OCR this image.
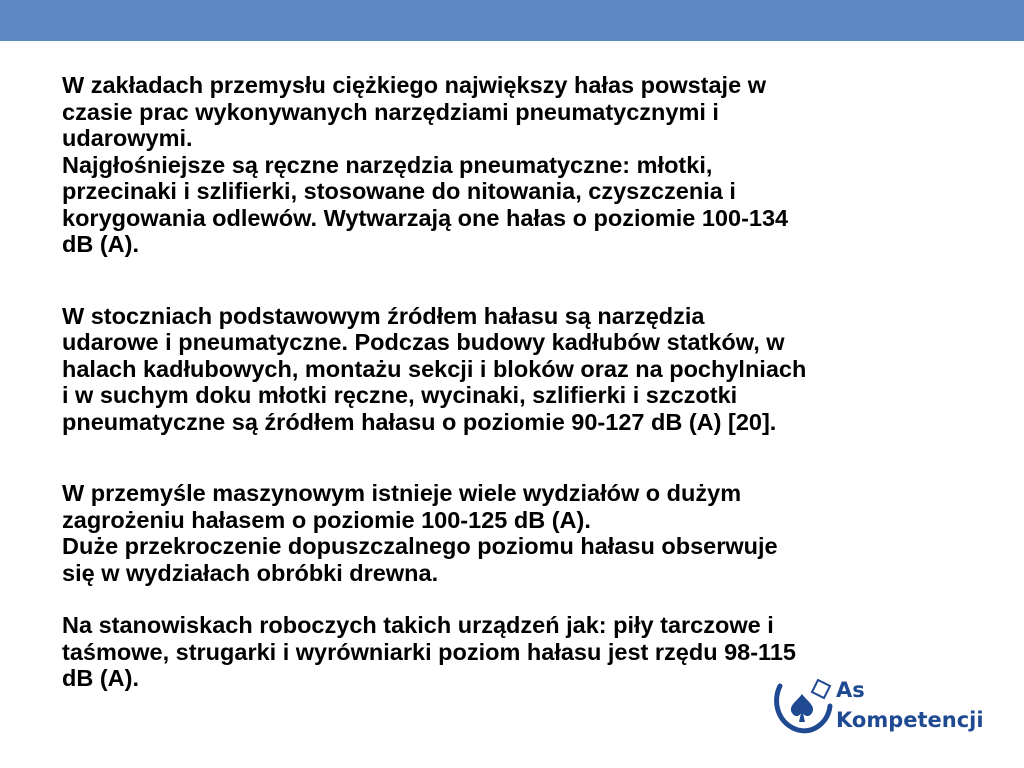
W zakładach przemysłu ciężkiego największy hałas powstaje w
czasie prac wykonywanych narzędziami pneumatycznymi i
udarowymi.
Najgłośniejsze są ręczne narzędzia pneumatyczne: młotki,
przecinaki i szlifierki, stosowane do nitowania, czyszczenia i
korygowania odlewów. Wytwarzają one hałas o poziomie 100-134
dB (A).

W stoczniach podstawowym źródłem hałasu są narzędzia
udarowe i pneumatyczne. Podczas budowy kadłubów statków, w
halach kadłubowych, montażu sekcji i bloków oraz na pochylniach
i w suchym doku młotki ręczne, wycinaki, szlifierki i szczotki
pneumatyczne są źródłem hałasu o poziomie 90-127 dB (A) [20].

W przemyśle maszynowym istnieje wiele wydziałów o dużym
zagrożeniu hałasem o poziomie 100-125 dB (A).
Duże przekroczenie dopuszczalnego poziomu hałasu obserwuje
się w wydziałach obróbki drewna.

Na stanowiskach roboczych takich urządzeń jak: piły tarczowe i
taśmowe, strugarki i wyrówniarki poziom hałasu jest rzędu 98-115
dB (A).	As
Kompetencji
